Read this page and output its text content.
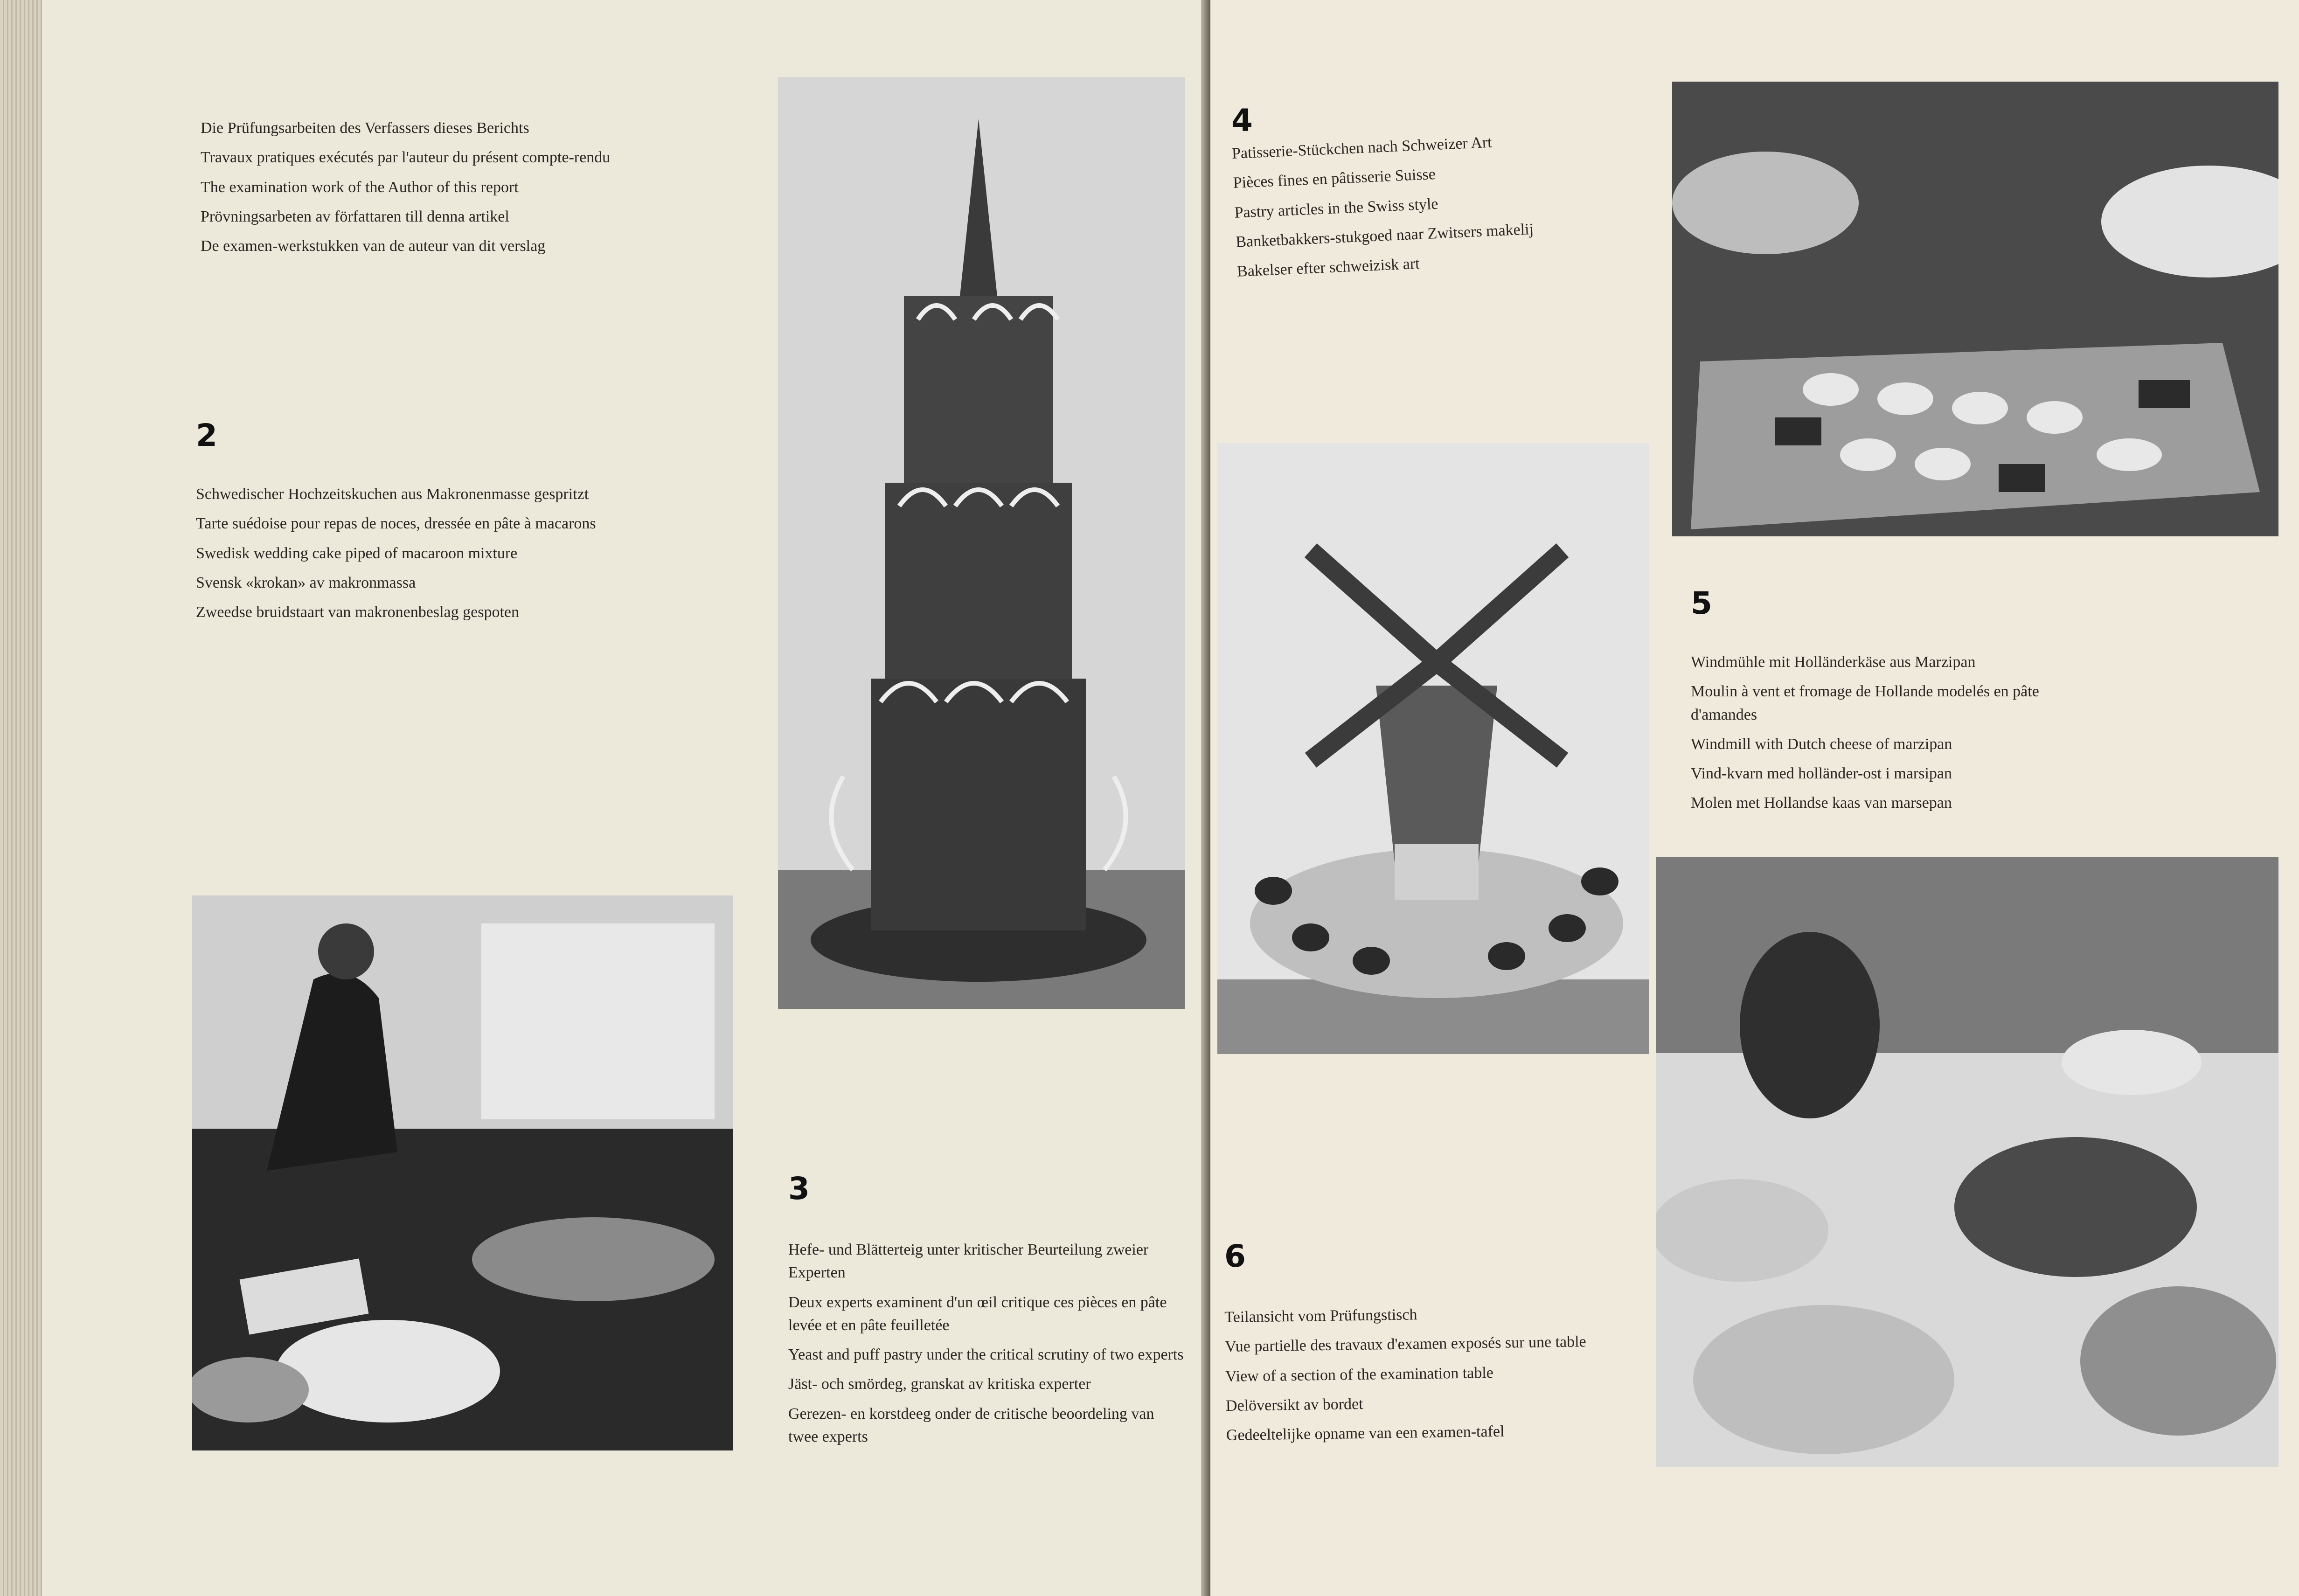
Die Prüfungsarbeiten des Verfassers dieses Berichts

Travaux pratiques exécutés par l'auteur du présent compte-rendu

The examination work of the Author of this report

Prövningsarbeten av författaren till denna artikel

De examen-werkstukken van de auteur van dit verslag

2

Schwedischer Hochzeitskuchen aus Makronenmasse gespritzt

Tarte suédoise pour repas de noces, dressée en pâte à macarons

Swedisk wedding cake piped of macaroon mixture

Svensk «krokan» av makronmassa

Zweedse bruidstaart van makronenbeslag gespoten

3

Hefe- und Blätterteig unter kritischer Beurteilung zweier Experten

Deux experts examinent d'un œil critique ces pièces en pâte levée et en pâte feuilletée

Yeast and puff pastry under the critical scrutiny of two experts

Jäst- och smördeg, granskat av kritiska experter

Gerezen- en korstdeeg onder de critische beoordeling van twee experts

4

Patisserie-Stückchen nach Schweizer Art

Pièces fines en pâtisserie Suisse

Pastry articles in the Swiss style

Banketbakkers-stukgoed naar Zwitsers makelij

Bakelser efter schweizisk art

5

Windmühle mit Holländerkäse aus Marzipan

Moulin à vent et fromage de Hollande modelés en pâte d'amandes

Windmill with Dutch cheese of marzipan

Vind-kvarn med holländer-ost i marsipan

Molen met Hollandse kaas van marsepan

6

Teilansicht vom Prüfungstisch

Vue partielle des travaux d'examen exposés sur une table

View of a section of the examination table

Delöversikt av bordet

Gedeeltelijke opname van een examen-tafel
